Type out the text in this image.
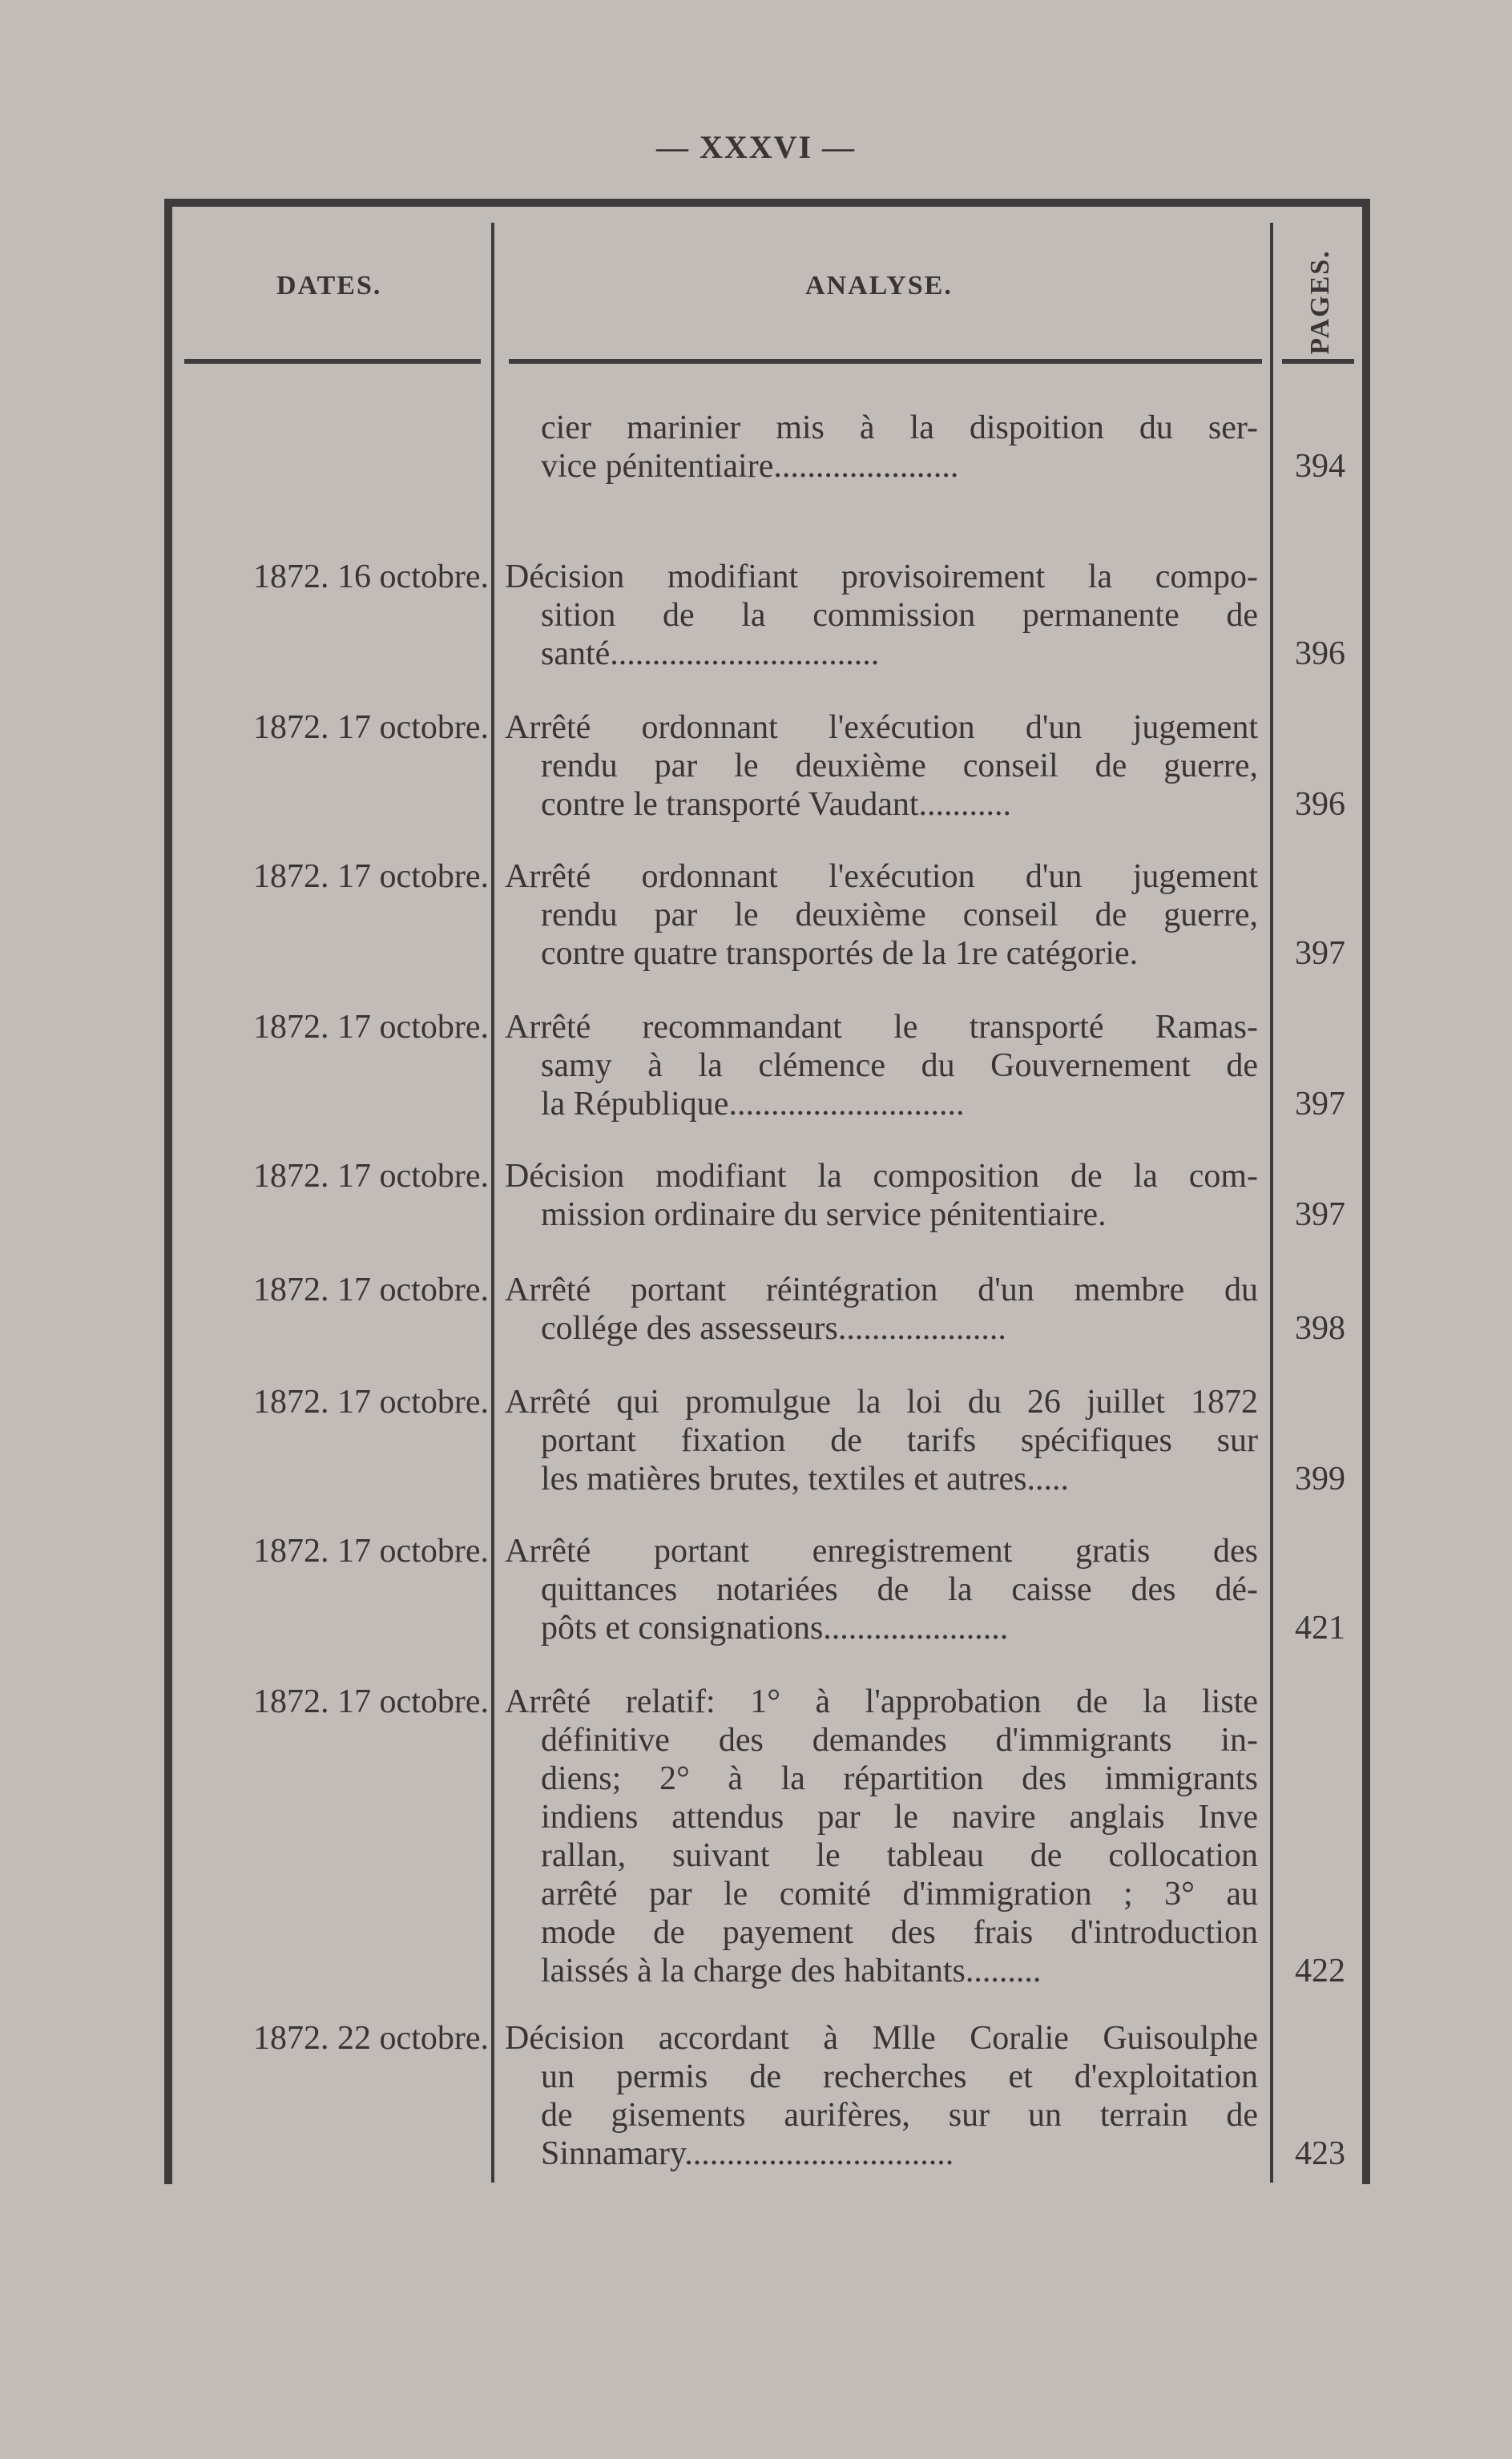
— XXXVI —
DATES.	ANALYSE.	PAGES.
cier marinier mis à la dispoition du ser-
vice pénitentiaire......................	394
1872. 16 octobre. Décision modifiant provisoirement la compo-
sition de la commission permanente de
santé................................	396
1872. 17 octobre. Arrêté ordonnant l'exécution d'un jugement
rendu par le deuxième conseil de guerre,
contre le transporté Vaudant...........	396
1872. 17 octobre. Arrêté ordonnant l'exécution d'un jugement
rendu par le deuxième conseil de guerre,
contre quatre transportés de la 1re catégorie.	397
1872. 17 octobre. Arrêté recommandant le transporté Ramas-
samy à la clémence du Gouvernement de
la République............................	397
1872. 17 octobre. Décision modifiant la composition de la com-
mission ordinaire du service pénitentiaire.	397
1872. 17 octobre. Arrêté portant réintégration d'un membre du
collége des assesseurs....................	398
1872. 17 octobre. Arrêté qui promulgue la loi du 26 juillet 1872
portant fixation de tarifs spécifiques sur
les matières brutes, textiles et autres.....	399
1872. 17 octobre. Arrêté portant enregistrement gratis des
quittances notariées de la caisse des dé-
pôts et consignations......................	421
1872. 17 octobre. Arrêté relatif: 1° à l'approbation de la liste
définitive des demandes d'immigrants in-
diens; 2° à la répartition des immigrants
indiens attendus par le navire anglais Inve
rallan, suivant le tableau de collocation
arrêté par le comité d'immigration ; 3° au
mode de payement des frais d'introduction
laissés à la charge des habitants.........	422
1872. 22 octobre. Décision accordant à Mlle Coralie Guisoulphe
un permis de recherches et d'exploitation
de gisements aurifères, sur un terrain de
Sinnamary................................	423
